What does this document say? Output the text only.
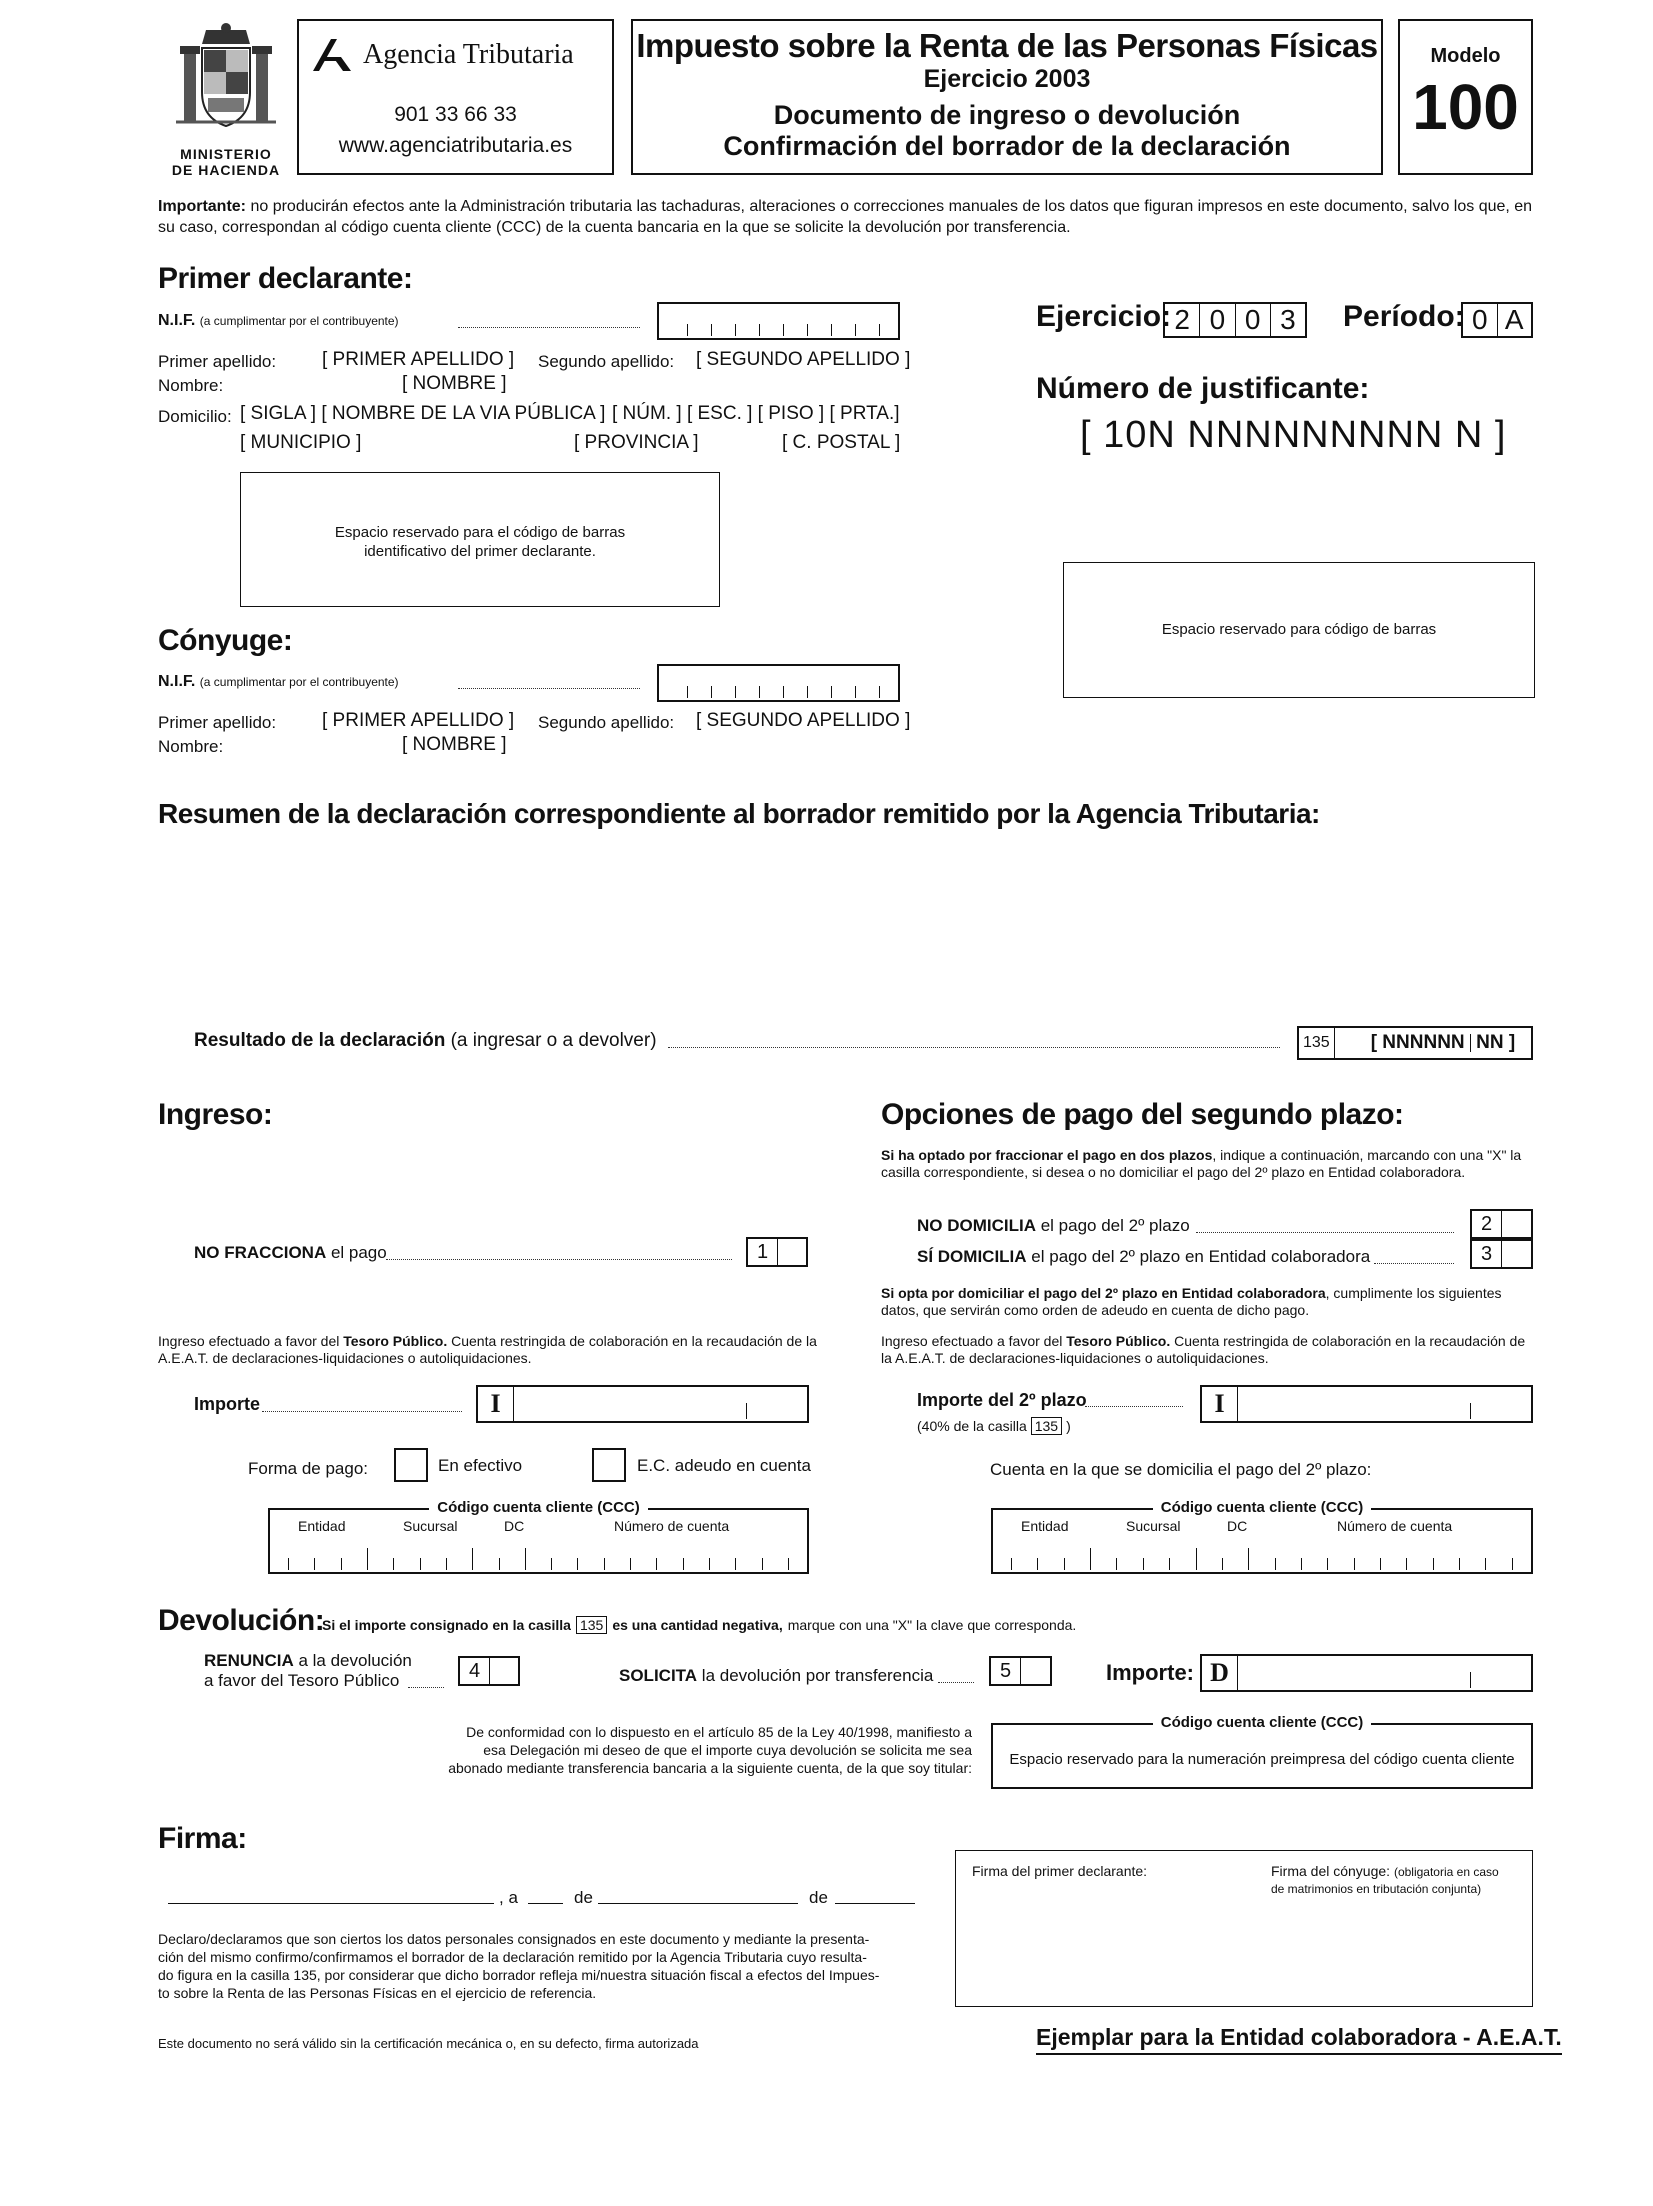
MINISTERIO
DE HACIENDA
Agencia Tributaria
901 33 66 33
www.agenciatributaria.es
Impuesto sobre la Renta de las Personas Físicas
Ejercicio 2003
Documento de ingreso o devolución
Confirmación del borrador de la declaración
Modelo
100
Importante: no producirán efectos ante la Administración tributaria las tachaduras, alteraciones o correcciones manuales de los datos que figuran impresos en este documento, salvo los que, en su caso, correspondan al código cuenta cliente (CCC) de la cuenta bancaria en la que se solicite la devolución por transferencia.
Primer declarante:
N.I.F. (a cumplimentar por el contribuyente)
Primer apellido: [ PRIMER APELLIDO ] Segundo apellido: [ SEGUNDO APELLIDO ]
Nombre:	[ NOMBRE ]
Domicilio: [ SIGLA ] [ NOMBRE DE LA VIA PÚBLICA ] [ NÚM. ] [ ESC. ] [ PISO ] [ PRTA.]
[ MUNICIPIO ]	[ PROVINCIA ]	[ C. POSTAL ]
Espacio reservado para el código de barras
identificativo del primer declarante.
Ejercicio: 2 0 0 3	Período: 0 A
Número de justificante:
[ 10N NNNNNNNNN N ]
Espacio reservado para código de barras
Cónyuge:
N.I.F. (a cumplimentar por el contribuyente)
Primer apellido: [ PRIMER APELLIDO ] Segundo apellido: [ SEGUNDO APELLIDO ]
Nombre:	[ NOMBRE ]
Resumen de la declaración correspondiente al borrador remitido por la Agencia Tributaria:
Resultado de la declaración (a ingresar o a devolver)	135 [ NNNNNN NN ]
Ingreso:
NO FRACCIONA el pago	1
Ingreso efectuado a favor del Tesoro Público. Cuenta restringida de colaboración en la recaudación de la A.E.A.T. de declaraciones-liquidaciones o autoliquidaciones.
Importe	I
Forma de pago:	En efectivo	E.C. adeudo en cuenta
Código cuenta cliente (CCC)
Entidad	Sucursal	DC	Número de cuenta
Opciones de pago del segundo plazo:
Si ha optado por fraccionar el pago en dos plazos, indique a continuación, marcando con una "X" la casilla correspondiente, si desea o no domiciliar el pago del 2º plazo en Entidad colaboradora.
NO DOMICILIA el pago del 2º plazo	2
SÍ DOMICILIA el pago del 2º plazo en Entidad colaboradora	3
Si opta por domiciliar el pago del 2º plazo en Entidad colaboradora, cumplimente los siguientes datos, que servirán como orden de adeudo en cuenta de dicho pago.
Ingreso efectuado a favor del Tesoro Público. Cuenta restringida de colaboración en la recaudación de la A.E.A.T. de declaraciones-liquidaciones o autoliquidaciones.
Importe del 2º plazo
(40% de la casilla 135 )
I
Cuenta en la que se domicilia el pago del 2º plazo:
Código cuenta cliente (CCC)
Entidad	Sucursal	DC	Número de cuenta
Devolución:
Si el importe consignado en la casilla 135 es una cantidad negativa, marque con una "X" la clave que corresponda.
RENUNCIA a la devolución
a favor del Tesoro Público	4	SOLICITA la devolución por transferencia	5	Importe: D
De conformidad con lo dispuesto en el artículo 85 de la Ley 40/1998, manifiesto a
esa Delegación mi deseo de que el importe cuya devolución se solicita me sea
abonado mediante transferencia bancaria a la siguiente cuenta, de la que soy titular:
Código cuenta cliente (CCC)
Espacio reservado para la numeración preimpresa del código cuenta cliente
Firma:
, a	de	de
Declaro/declaramos que son ciertos los datos personales consignados en este documento y mediante la presenta-
ción del mismo confirmo/confirmamos el borrador de la declaración remitido por la Agencia Tributaria cuyo resulta-
do figura en la casilla 135, por considerar que dicho borrador refleja mi/nuestra situación fiscal a efectos del Impues-
to sobre la Renta de las Personas Físicas en el ejercicio de referencia.
Firma del primer declarante:	Firma del cónyuge: (obligatoria en caso
de matrimonios en tributación conjunta)
Este documento no será válido sin la certificación mecánica o, en su defecto, firma autorizada	Ejemplar para la Entidad colaboradora - A.E.A.T.
